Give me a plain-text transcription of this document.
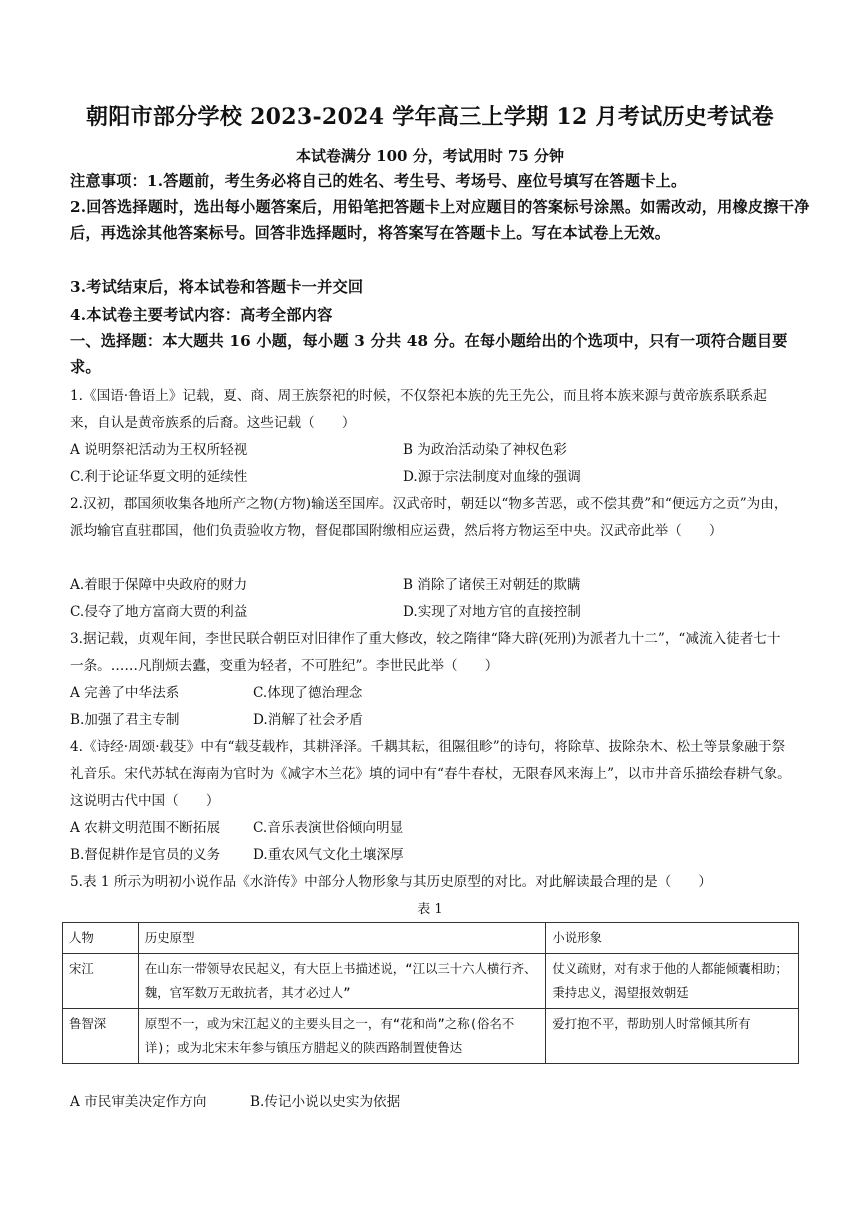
朝阳市部分学校 2023-2024 学年高三上学期 12 月考试历史考试卷
本试卷满分 100 分，考试用时 75 分钟
注意事项：1.答题前，考生务必将自己的姓名、考生号、考场号、座位号填写在答题卡上。
2.回答选择题时，选出每小题答案后，用铅笔把答题卡上对应题目的答案标号涂黑。如需改动，用橡皮擦干净后，再选涂其他答案标号。回答非选择题时，将答案写在答题卡上。写在本试卷上无效。
3.考试结束后，将本试卷和答题卡一并交回
4.本试卷主要考试内容：高考全部内容
一、选择题：本大题共 16 小题，每小题 3 分共 48 分。在每小题给出的个选项中，只有一项符合题目要求。
1.《国语·鲁语上》记载，夏、商、周王族祭祀的时候，不仅祭祀本族的先王先公，而且将本族来源与黄帝族系联系起来，自认是黄帝族系的后裔。这些记载（　　）
A 说明祭祀活动为王权所轻视	B 为政治活动染了神权色彩
C.利于论证华夏文明的延续性	D.源于宗法制度对血缘的强调
2.汉初，郡国须收集各地所产之物(方物)输送至国库。汉武帝时，朝廷以“物多苦恶，或不偿其费”和“便远方之贡”为由，派均输官直驻郡国，他们负责验收方物，督促郡国附缴相应运费，然后将方物运至中央。汉武帝此举（　　）
A.着眼于保障中央政府的财力	B 消除了诸侯王对朝廷的欺瞒
C.侵夺了地方富商大贾的利益	D.实现了对地方官的直接控制
3.据记载，贞观年间，李世民联合朝臣对旧律作了重大修改，较之隋律“降大辟(死刑)为派者九十二”，“减流入徒者七十一条。……凡削烦去蠹，变重为轻者，不可胜纪”。李世民此举（　　）
A 完善了中华法系	C.体现了德治理念
B.加强了君主专制	D.消解了社会矛盾
4.《诗经·周颂·载芟》中有“载芟载柞，其耕泽泽。千耦其耘，徂隰徂畛”的诗句，将除草、拔除杂木、松土等景象融于祭礼音乐。宋代苏轼在海南为官时为《减字木兰花》填的词中有“春牛春杖，无限春风来海上”，以市井音乐描绘春耕气象。这说明古代中国（　　）
A 农耕文明范围不断拓展 C.音乐表演世俗倾向明显
B.督促耕作是官员的义务 D.重农风气文化土壤深厚
5.表 1 所示为明初小说作品《水浒传》中部分人物形象与其历史原型的对比。对此解读最合理的是（　　）
表 1
人物	历史原型	小说形象
宋江	在山东一带领导农民起义，有大臣上书描述说，“江以三十六人横行齐、魏，官军数万无敢抗者，其才必过人”	仗义疏财，对有求于他的人都能倾囊相助；秉持忠义，渴望报效朝廷
鲁智深	原型不一，或为宋江起义的主要头目之一，有“花和尚”之称(俗名不详)；或为北宋末年参与镇压方腊起义的陕西路制置使鲁达	爱打抱不平，帮助别人时常倾其所有
A 市民审美决定作方向	B.传记小说以史实为依据
